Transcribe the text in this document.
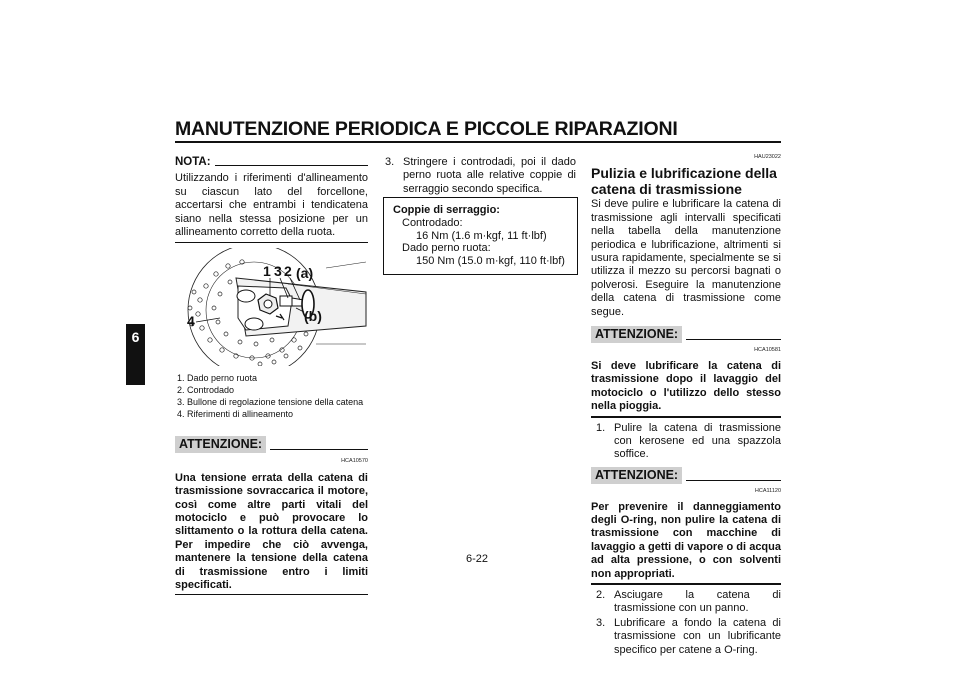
MANUTENZIONE PERIODICA E PICCOLE RIPARAZIONI
6
NOTA:
Utilizzando i riferimenti d'allineamento su ciascun lato del forcellone, accertarsi che entrambi i tendicatena siano nella stessa posizione per un allineamento corretto della ruota.
1 3 2 (a)
(b)
4
1. Dado perno ruota
2. Controdado
3. Bullone di regolazione tensione della catena
4. Riferimenti di allineamento
ATTENZIONE:
HCA10570
Una tensione errata della catena di trasmissione sovraccarica il motore, così come altre parti vitali del motociclo e può provocare lo slittamento o la rottura della catena. Per impedire che ciò avvenga, mantenere la tensione della catena di trasmissione entro i limiti specificati.
3. Stringere i controdadi, poi il dado perno ruota alle relative coppie di serraggio secondo specifica.
Coppie di serraggio:
Controdado:
16 Nm (1.6 m·kgf, 11 ft·lbf)
Dado perno ruota:
150 Nm (15.0 m·kgf, 110 ft·lbf)
HAU23022
Pulizia e lubrificazione della catena di trasmissione
Si deve pulire e lubrificare la catena di trasmissione agli intervalli specificati nella tabella della manutenzione periodica e lubrificazione, altrimenti si usura rapidamente, specialmente se si utilizza il mezzo su percorsi bagnati o polverosi. Eseguire la manutenzione della catena di trasmissione come segue.
ATTENZIONE:
HCA10581
Si deve lubrificare la catena di trasmissione dopo il lavaggio del motociclo o l'utilizzo dello stesso nella pioggia.
1. Pulire la catena di trasmissione con kerosene ed una spazzola soffice.
ATTENZIONE:
HCA11120
Per prevenire il danneggiamento degli O-ring, non pulire la catena di trasmissione con macchine di lavaggio a getti di vapore o di acqua ad alta pressione, o con solventi non appropriati.
2. Asciugare la catena di trasmissione con un panno.
3. Lubrificare a fondo la catena di trasmissione con un lubrificante specifico per catene a O-ring.
6-22
